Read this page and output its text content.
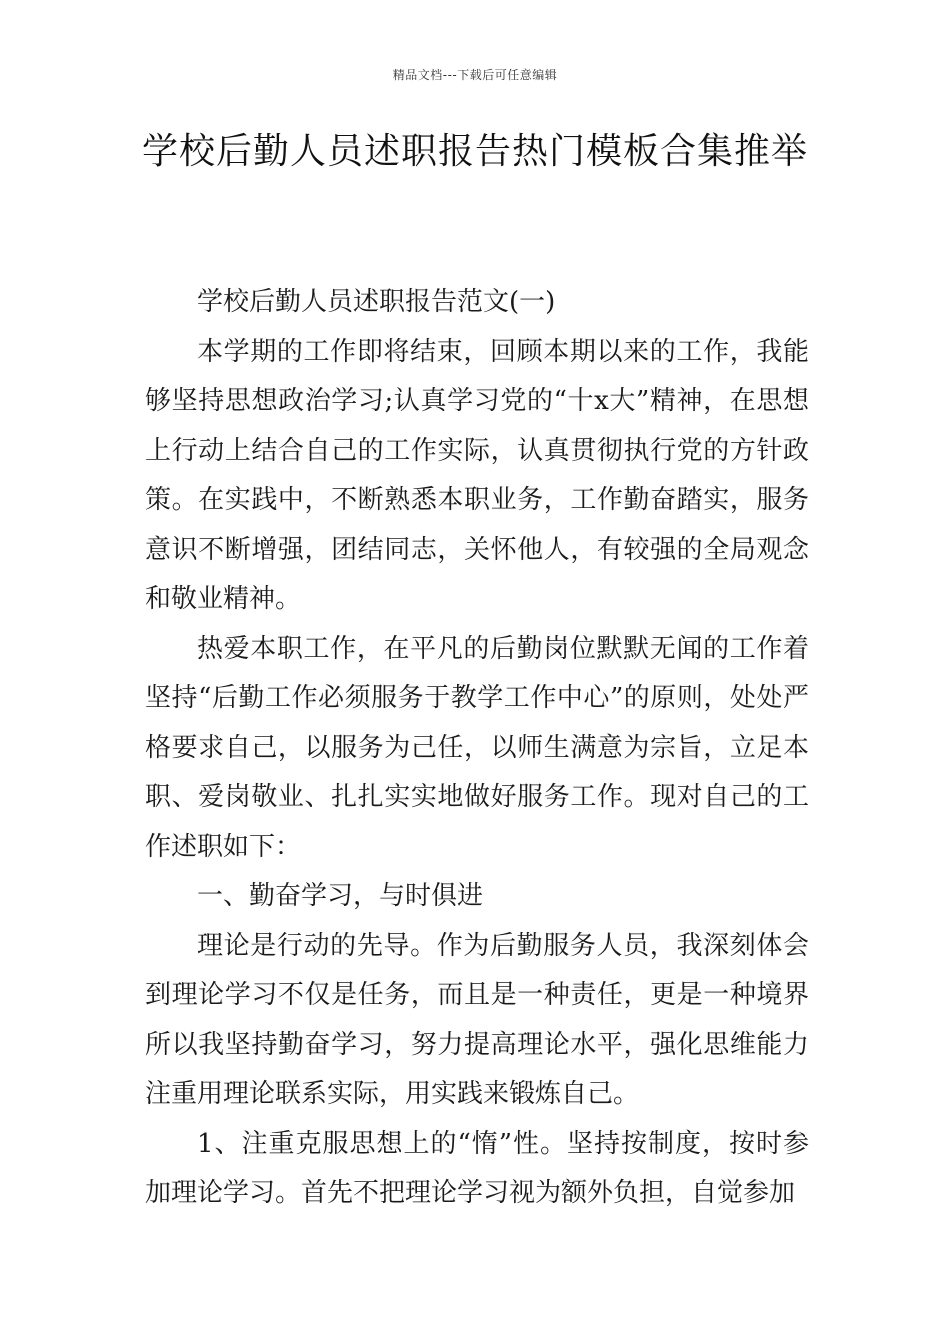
精品文档---下载后可任意编辑
学校后勤人员述职报告热门模板合集推举

学校后勤人员述职报告范文(一)

本学期的工作即将结束，回顾本期以来的工作，我能够坚持思想政治学习;认真学习党的“十x大”精神，在思想上行动上结合自己的工作实际，认真贯彻执行党的方针政策。在实践中，不断熟悉本职业务，工作勤奋踏实，服务意识不断增强，团结同志，关怀他人，有较强的全局观念和敬业精神。

热爱本职工作，在平凡的后勤岗位默默无闻的工作着坚持“后勤工作必须服务于教学工作中心”的原则，处处严格要求自己，以服务为己任，以师生满意为宗旨，立足本职、爱岗敬业、扎扎实实地做好服务工作。现对自己的工作述职如下：

一、勤奋学习，与时俱进

理论是行动的先导。作为后勤服务人员，我深刻体会到理论学习不仅是任务，而且是一种责任，更是一种境界所以我坚持勤奋学习，努力提高理论水平，强化思维能力注重用理论联系实际，用实践来锻炼自己。

1、注重克服思想上的“惰”性。坚持按制度，按时参加理论学习。首先不把理论学习视为额外负担，自觉参加
